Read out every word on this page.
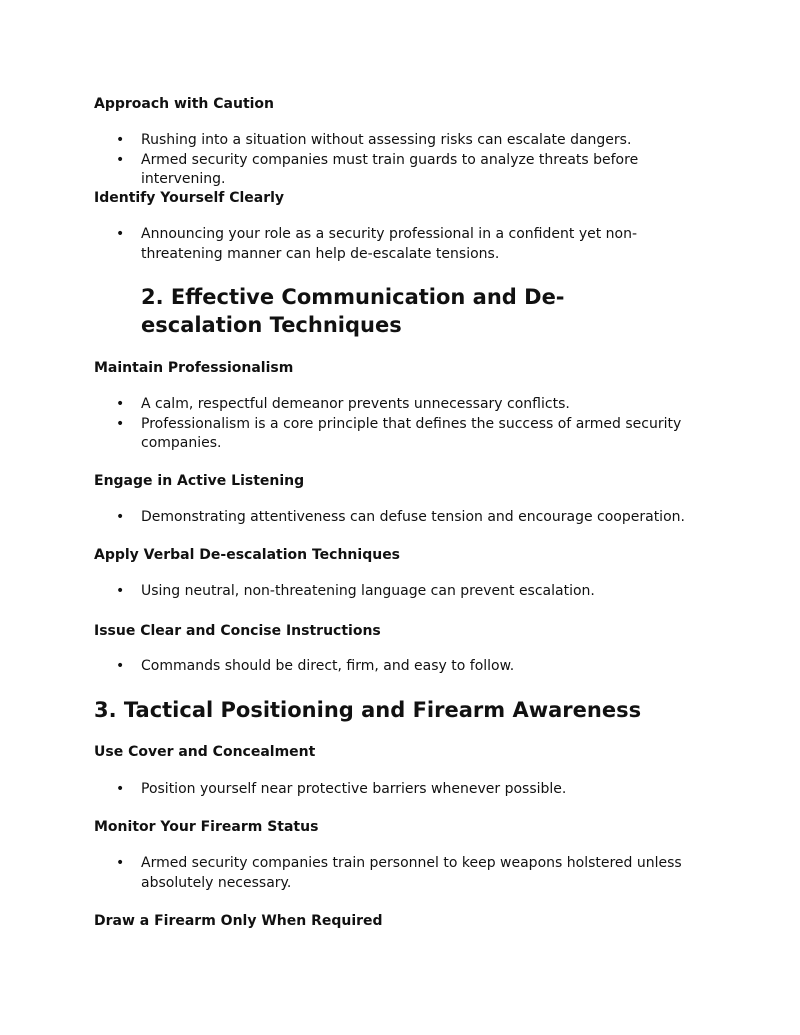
Approach with Caution

• Rushing into a situation without assessing risks can escalate dangers.
• Armed security companies must train guards to analyze threats before intervening.

Identify Yourself Clearly

• Announcing your role as a security professional in a confident yet non-threatening manner can help de-escalate tensions.
2. Effective Communication and De-escalation Techniques

Maintain Professionalism

• A calm, respectful demeanor prevents unnecessary conflicts.
• Professionalism is a core principle that defines the success of armed security companies.

Engage in Active Listening

• Demonstrating attentiveness can defuse tension and encourage cooperation.

Apply Verbal De-escalation Techniques

• Using neutral, non-threatening language can prevent escalation.

Issue Clear and Concise Instructions

• Commands should be direct, firm, and easy to follow.
3. Tactical Positioning and Firearm Awareness

Use Cover and Concealment

• Position yourself near protective barriers whenever possible.

Monitor Your Firearm Status

• Armed security companies train personnel to keep weapons holstered unless absolutely necessary.

Draw a Firearm Only When Required
